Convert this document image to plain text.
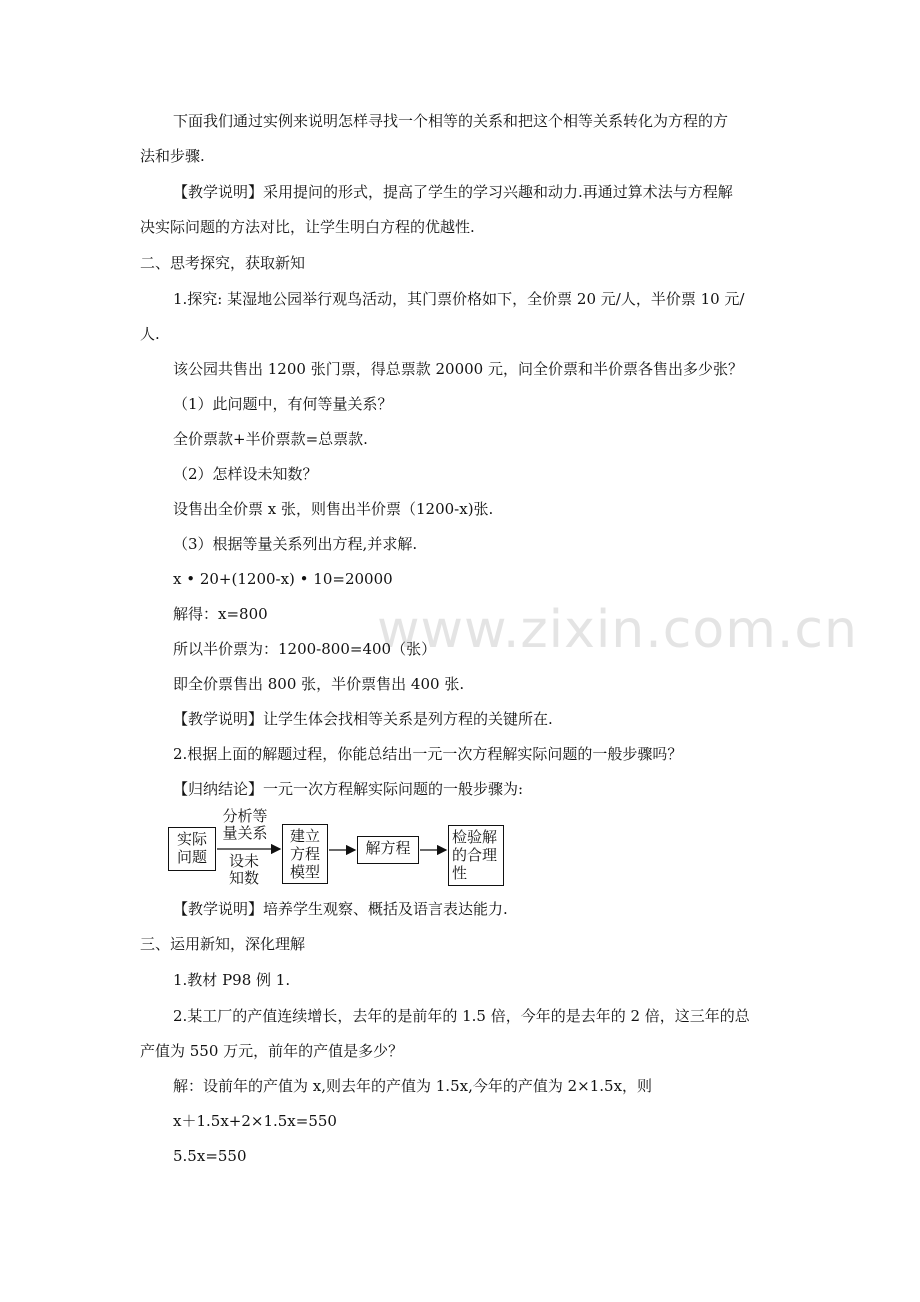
www.zixin.com.cn
下面我们通过实例来说明怎样寻找一个相等的关系和把这个相等关系转化为方程的方
法和步骤.
【教学说明】采用提问的形式，提高了学生的学习兴趣和动力.再通过算术法与方程解
决实际问题的方法对比，让学生明白方程的优越性.
二、思考探究，获取新知
1.探究: 某湿地公园举行观鸟活动，其门票价格如下，全价票 20 元/人，半价票 10 元/
人.
该公园共售出 1200 张门票，得总票款 20000 元，问全价票和半价票各售出多少张？
（1）此问题中，有何等量关系？
全价票款+半价票款=总票款.
（2）怎样设未知数？
设售出全价票 x 张，则售出半价票（1200-x)张.
（3）根据等量关系列出方程,并求解.
x • 20+(1200-x) • 10=20000
解得：x=800
所以半价票为：1200-800=400（张）
即全价票售出 800 张，半价票售出 400 张.
【教学说明】让学生体会找相等关系是列方程的关键所在.
2.根据上面的解题过程，你能总结出一元一次方程解实际问题的一般步骤吗？
【归纳结论】一元一次方程解实际问题的一般步骤为:
实际问题
分析等量关系
设未知数
建立方程模型
解方程
检验解的合理性
【教学说明】培养学生观察、概括及语言表达能力.
三、运用新知，深化理解
1.教材 P98 例 1.
2.某工厂的产值连续增长，去年的是前年的 1.5 倍，今年的是去年的 2 倍，这三年的总
产值为 550 万元，前年的产值是多少？
解：设前年的产值为 x,则去年的产值为 1.5x,今年的产值为 2×1.5x，则
x＋1.5x+2×1.5x=550
5.5x=550
